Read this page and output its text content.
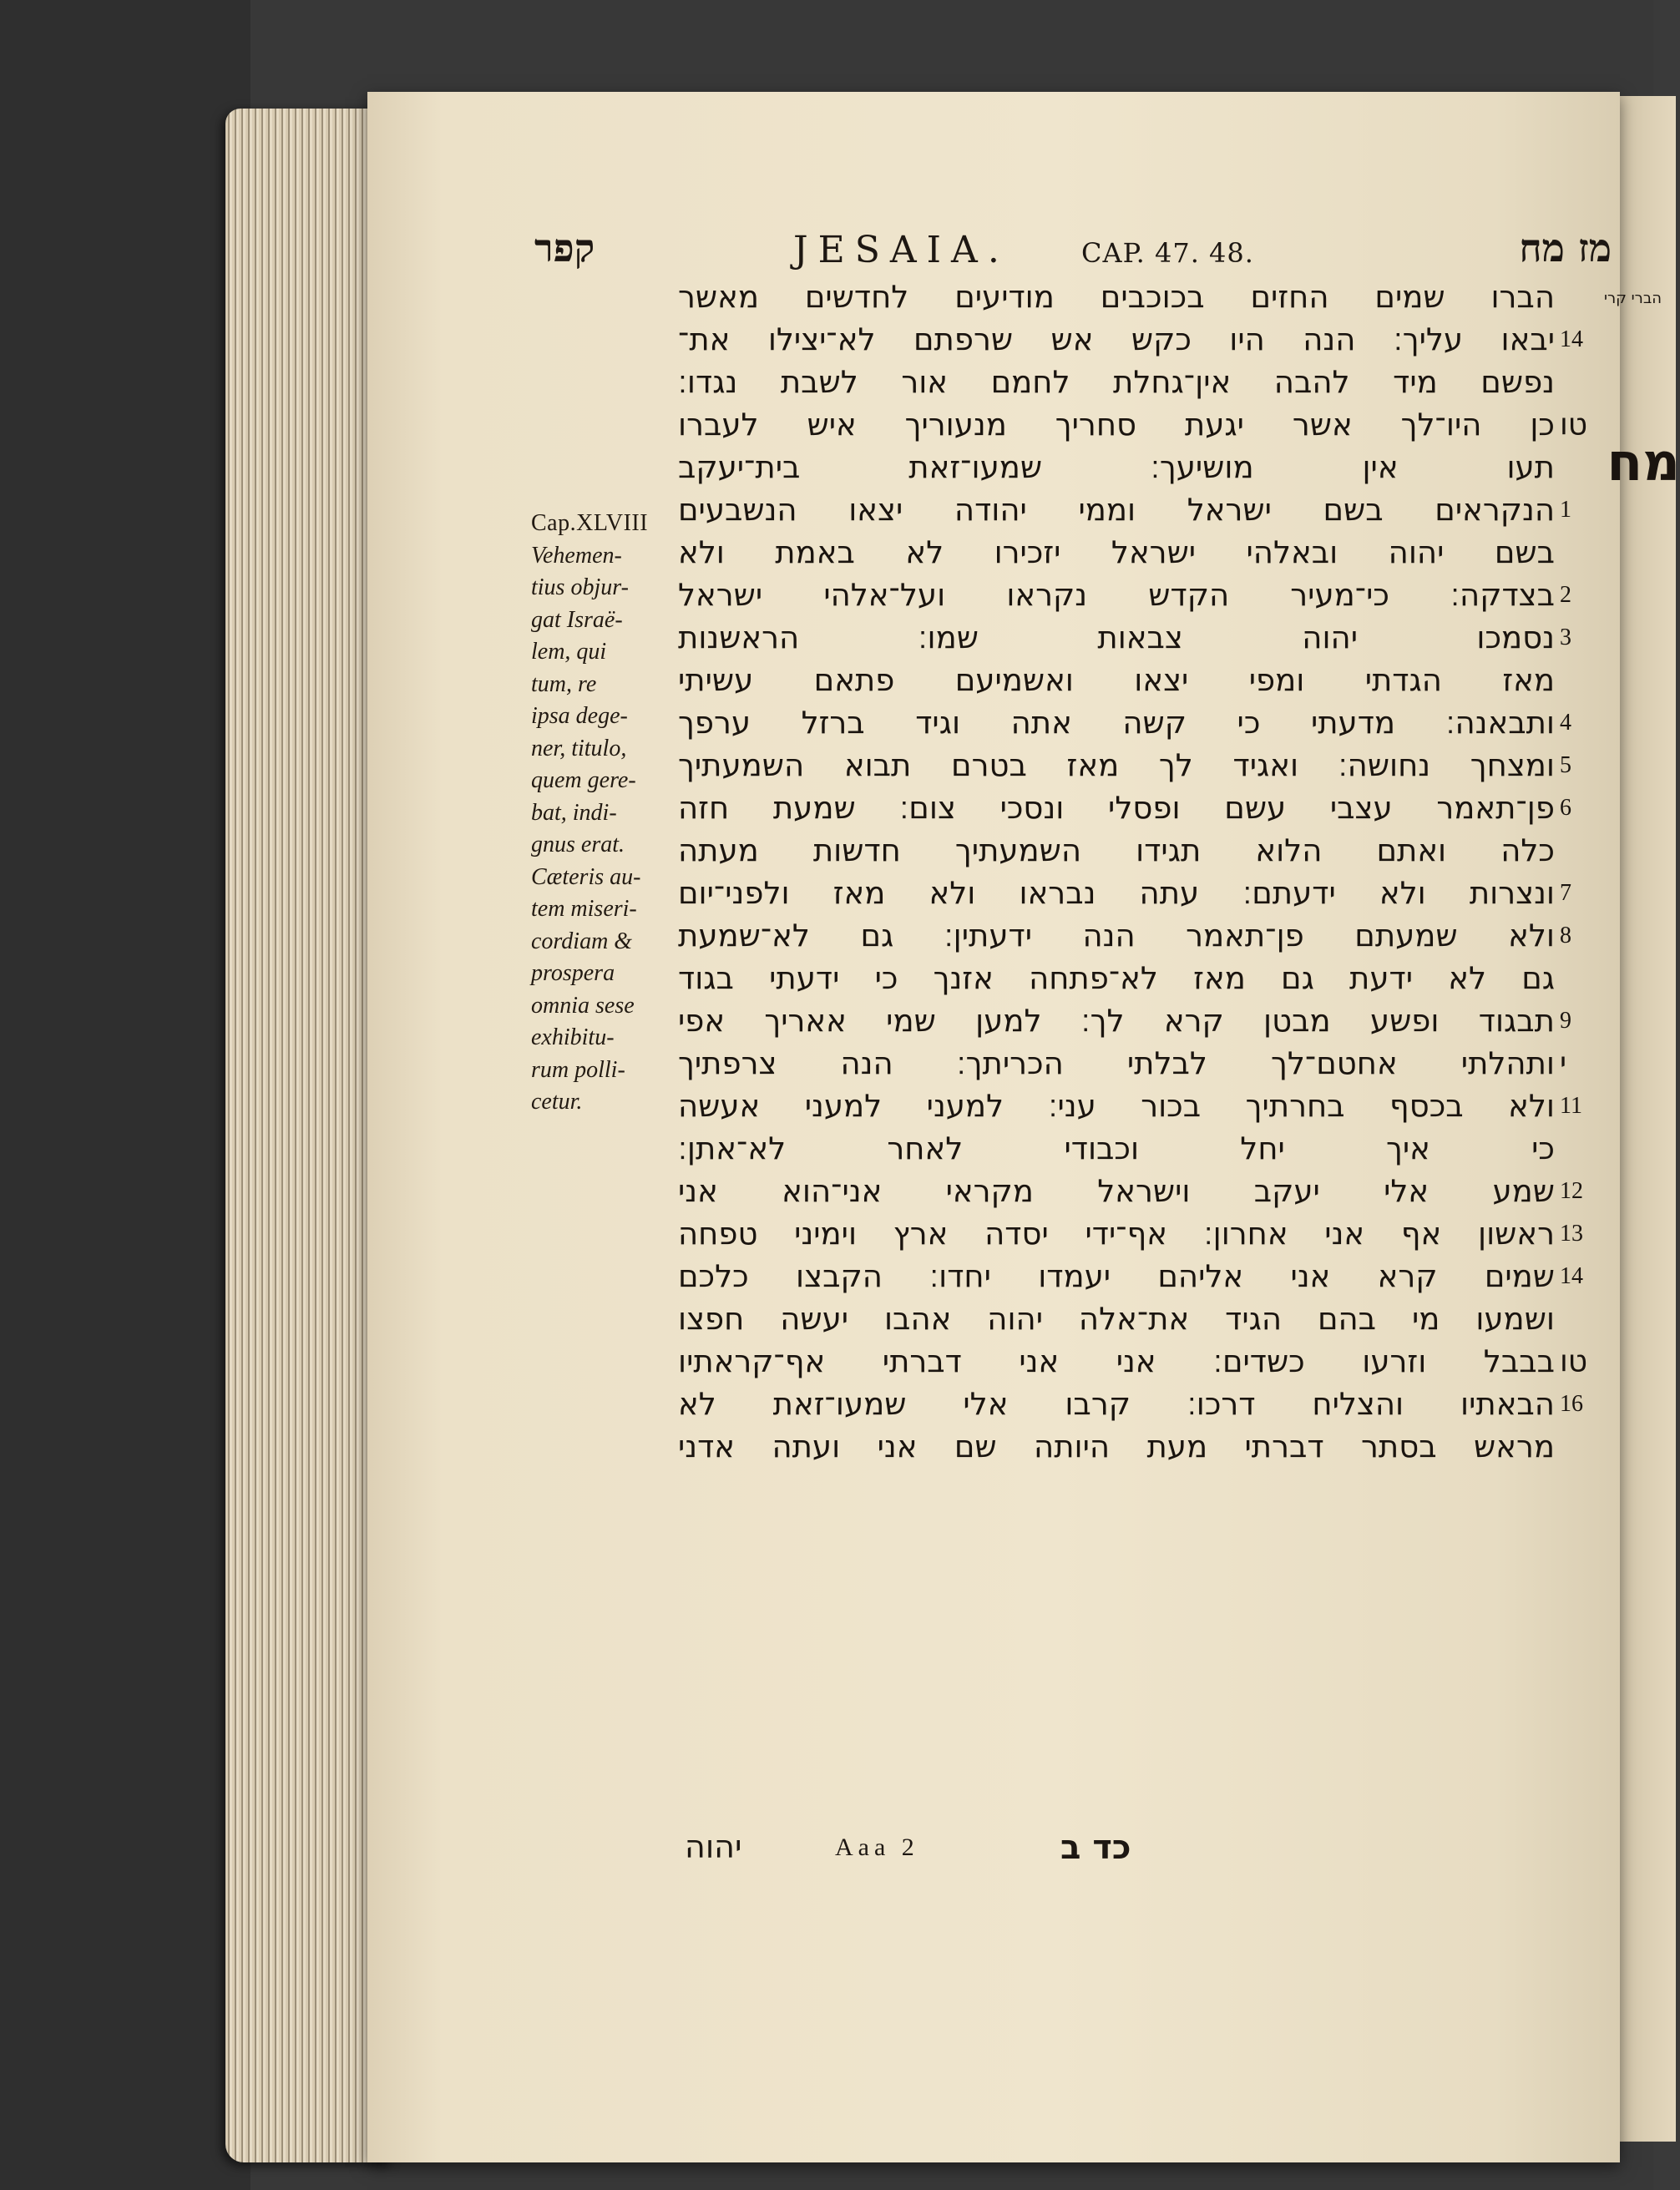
קפר	JESAIA.	CAP. 47. 48.	מז מח
Cap.XLVIII
Vehemen-
tius objur-
gat Israë-
lem, qui
tum, re
ipsa dege-
ner, titulo,
quem gere-
bat, indi-
gnus erat.
Cæteris au-
tem miseri-
cordiam &
prospera
omnia sese
exhibitu-
rum polli-
cetur.
הברי קרי
הברו שמים החזים בכוכבים מודיעים לחדשים מאשר
14
יבאו עליך׃ הנה היו כקש אש שרפתם לא־יצילו את־
נפשם מיד להבה אין־גחלת לחמם אור לשבת נגדו׃
טו
כן היו־לך אשר יגעת סחריך מנעוריך איש לעברו
מח
תעו אין מושיעך׃ שמעו־זאת בית־יעקב
1
הנקראים בשם ישראל וממי יהודה יצאו הנשבעים
בשם יהוה ובאלהי ישראל יזכירו לא באמת ולא
2
בצדקה׃ כי־מעיר הקדש נקראו ועל־אלהי ישראל
3
נסמכו יהוה צבאות שמו׃ הראשנות
מאז הגדתי ומפי יצאו ואשמיעם פתאם עשיתי
4
ותבאנה׃ מדעתי כי קשה אתה וגיד ברזל ערפך
5
ומצחך נחושה׃ ואגיד לך מאז בטרם תבוא השמעתיך
6
פן־תאמר עצבי עשם ופסלי ונסכי צום׃ שמעת חזה
כלה ואתם הלוא תגידו השמעתיך חדשות מעתה
7
ונצרות ולא ידעתם׃ עתה נבראו ולא מאז ולפני־יום
8
ולא שמעתם פן־תאמר הנה ידעתין׃ גם לא־שמעת
גם לא ידעת גם מאז לא־פתחה אזנך כי ידעתי בגוד
9
תבגוד ופשע מבטן קרא לך׃ למען שמי אאריך אפי
י
ותהלתי אחטם־לך לבלתי הכריתך׃ הנה צרפתיך
11
ולא בכסף בחרתיך בכור עני׃ למעני למעני אעשה
כי איך יחל וכבודי לאחר לא־אתן׃
12
שמע אלי יעקב וישראל מקראי אני־הוא אני
13
ראשון אף אני אחרון׃ אף־ידי יסדה ארץ וימיני טפחה
14
שמים קרא אני אליהם יעמדו יחדו׃ הקבצו כלכם
ושמעו מי בהם הגיד את־אלה יהוה אהבו יעשה חפצו
טו
בבבל וזרעו כשדים׃ אני אני דברתי אף־קראתיו
16
הבאתיו והצליח דרכו׃ קרבו אלי שמעו־זאת לא
מראש בסתר דברתי מעת היותה שם אני ועתה אדני
יהוה	Aaa 2	כד ב
